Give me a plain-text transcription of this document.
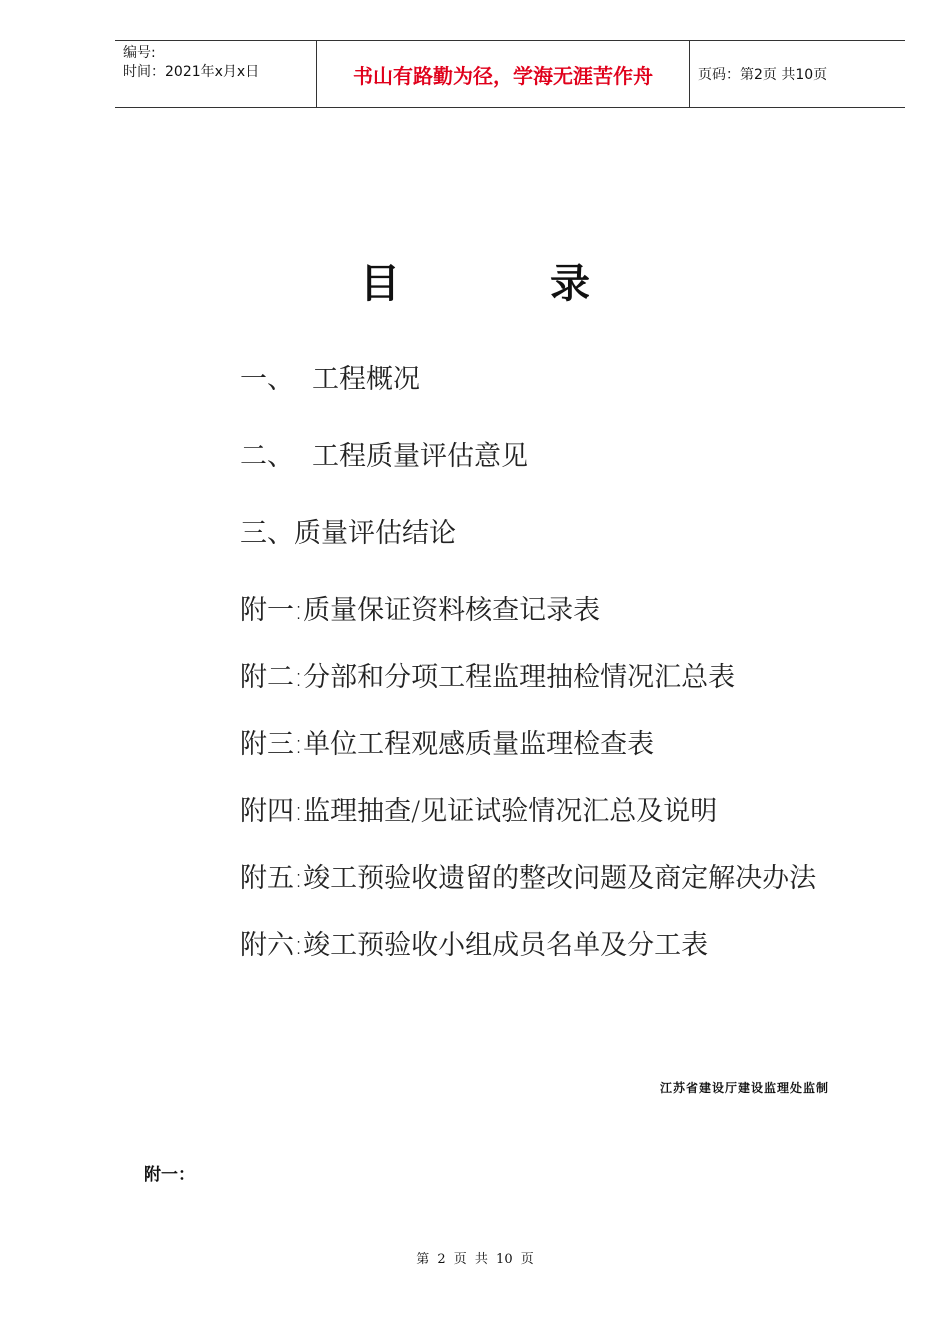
编号:
时间：2021年x月x日	书山有路勤为径，学海无涯苦作舟	页码：第2页 共10页
目	录
一、 工程概况
二、 工程质量评估意见
三、质量评估结论
附一:质量保证资料核查记录表
附二:分部和分项工程监理抽检情况汇总表
附三:单位工程观感质量监理检查表
附四:监理抽查/见证试验情况汇总及说明
附五:竣工预验收遗留的整改问题及商定解决办法
附六:竣工预验收小组成员名单及分工表
江苏省建设厅建设监理处监制
附一：
第 2 页 共 10 页
